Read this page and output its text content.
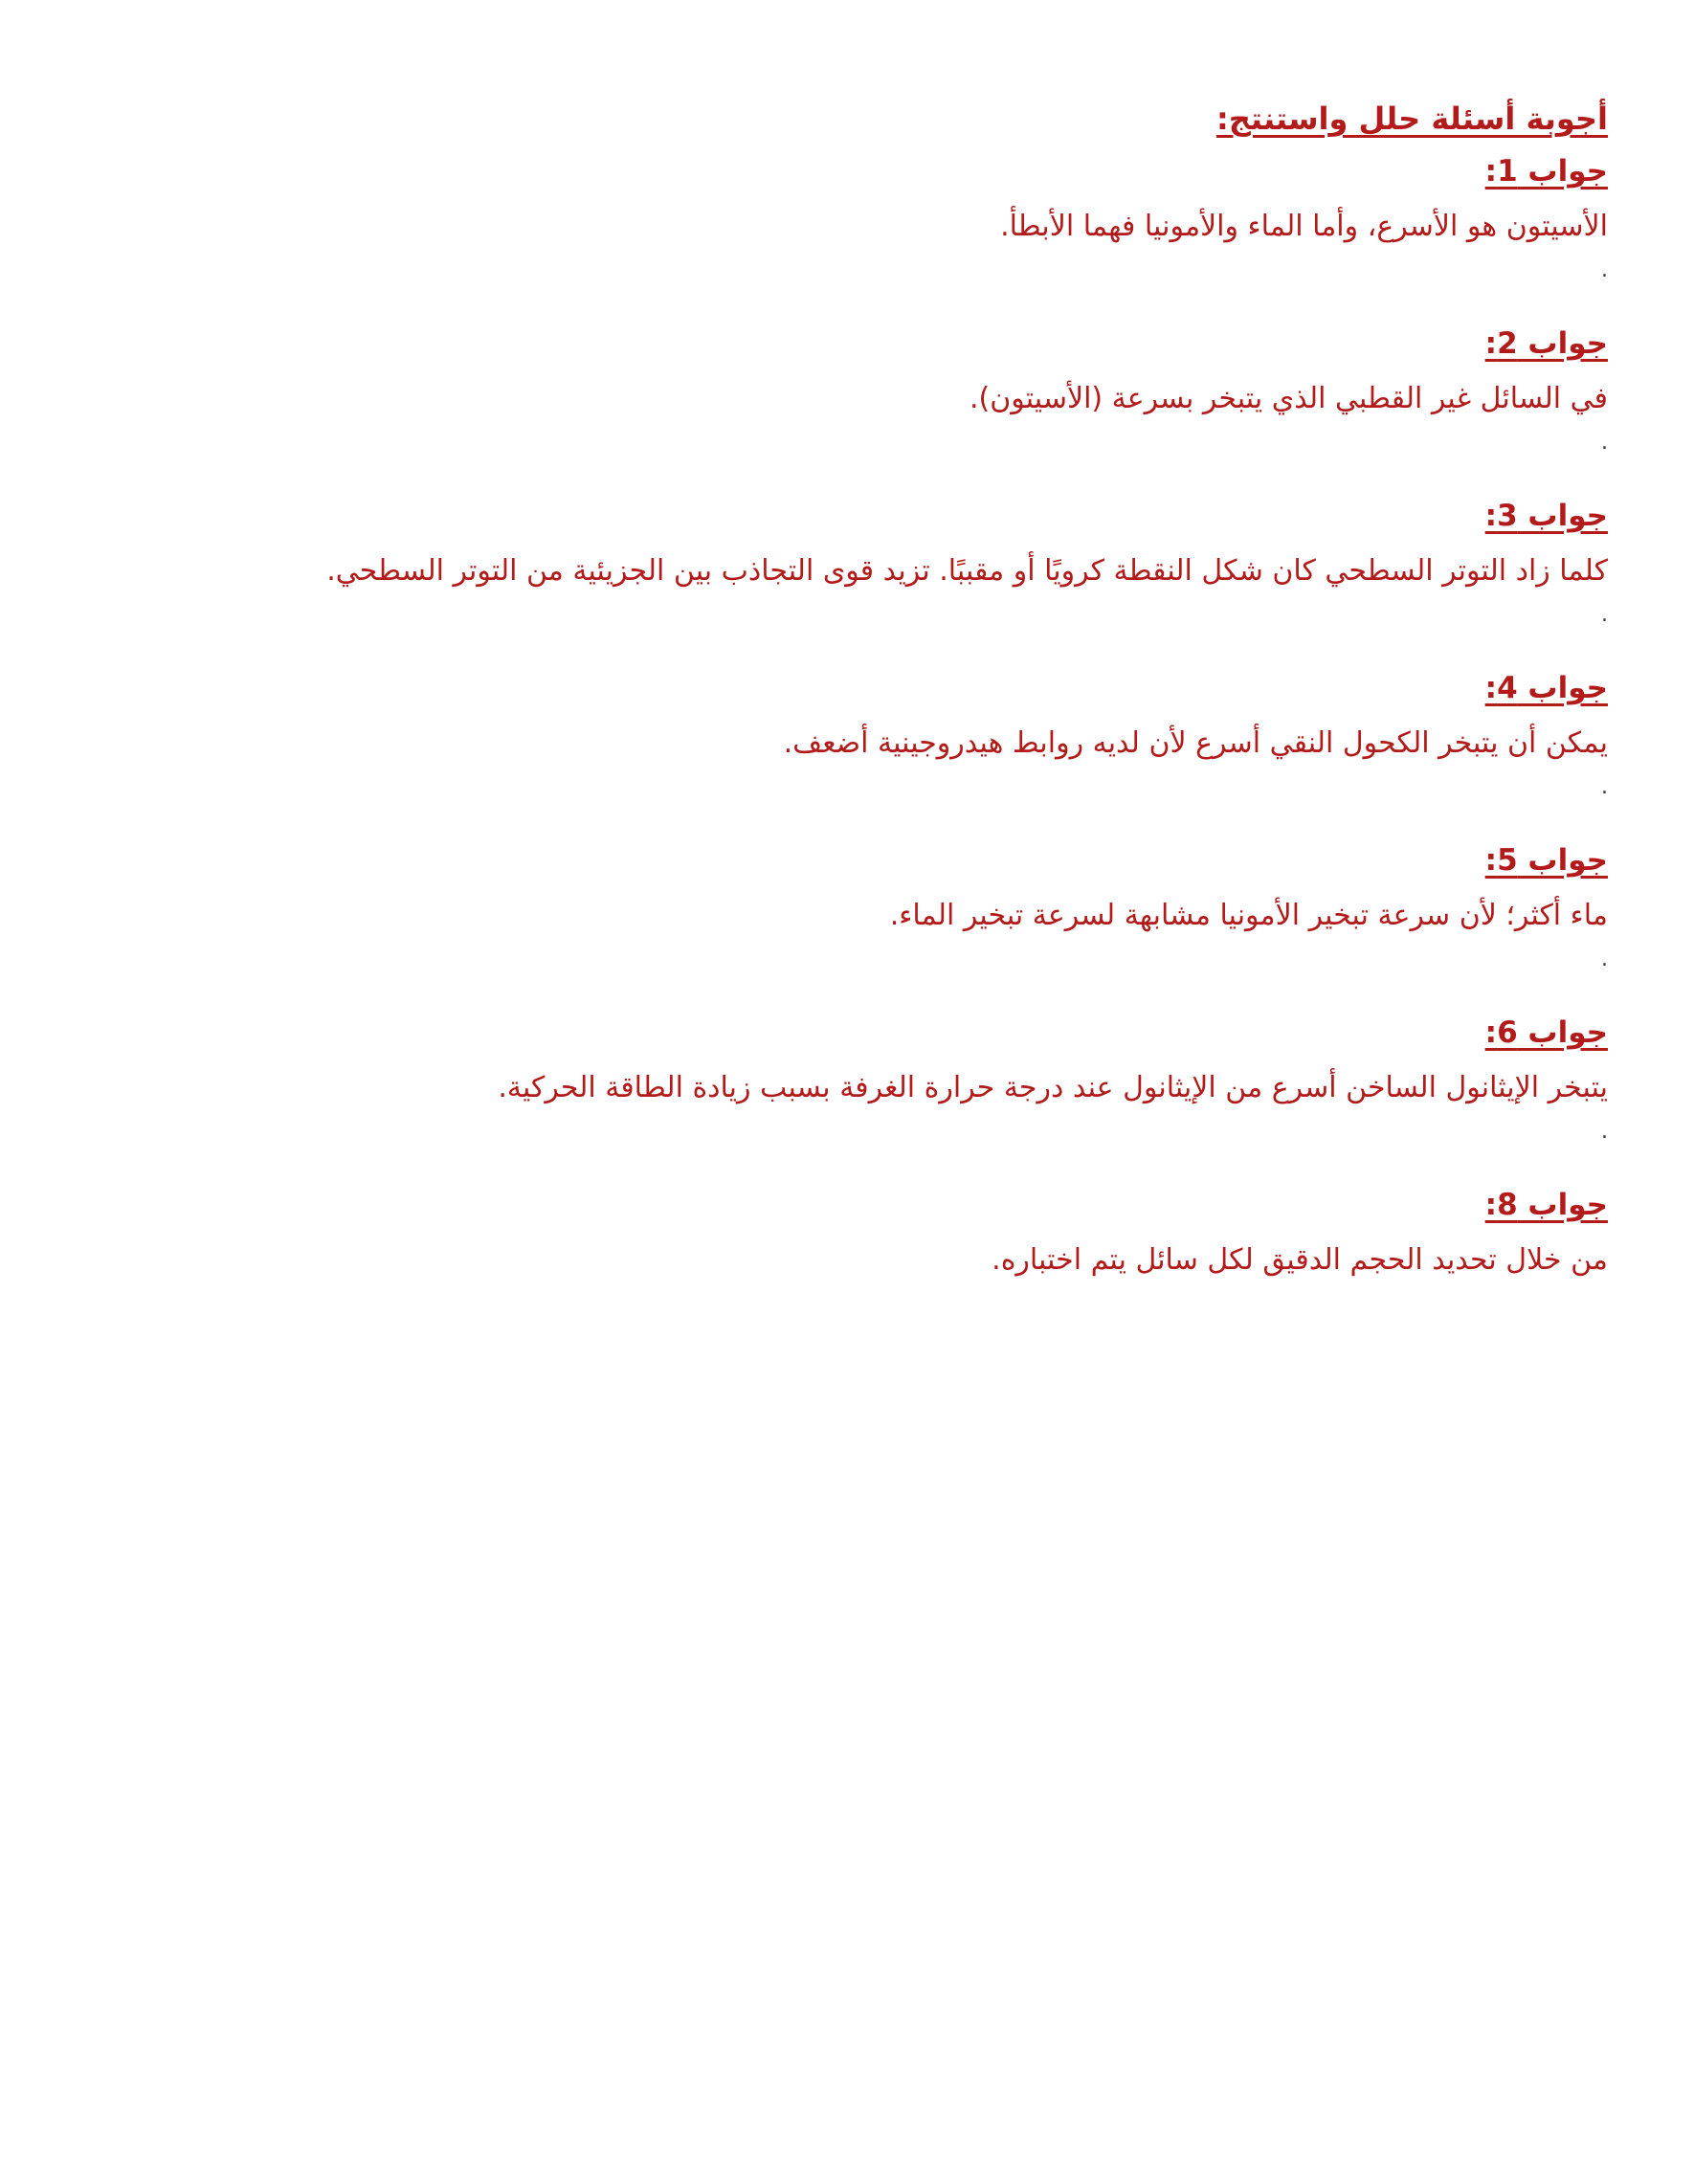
أجوبة أسئلة حلل واستنتج:
جواب 1:
الأسيتون هو الأسرع، وأما الماء والأمونيا فهما الأبطأ.
.
جواب 2:
في السائل غير القطبي الذي يتبخر بسرعة (الأسيتون).
.
جواب 3:
كلما زاد التوتر السطحي كان شكل النقطة كرويًا أو مقببًا. تزيد قوى التجاذب بين الجزيئية من التوتر السطحي.
.
جواب 4:
يمكن أن يتبخر الكحول النقي أسرع لأن لديه روابط هيدروجينية أضعف.
.
جواب 5:
ماء أكثر؛ لأن سرعة تبخير الأمونيا مشابهة لسرعة تبخير الماء.
.
جواب 6:
يتبخر الإيثانول الساخن أسرع من الإيثانول عند درجة حرارة الغرفة بسبب زيادة الطاقة الحركية.
.
جواب 8:
من خلال تحديد الحجم الدقيق لكل سائل يتم اختباره.
